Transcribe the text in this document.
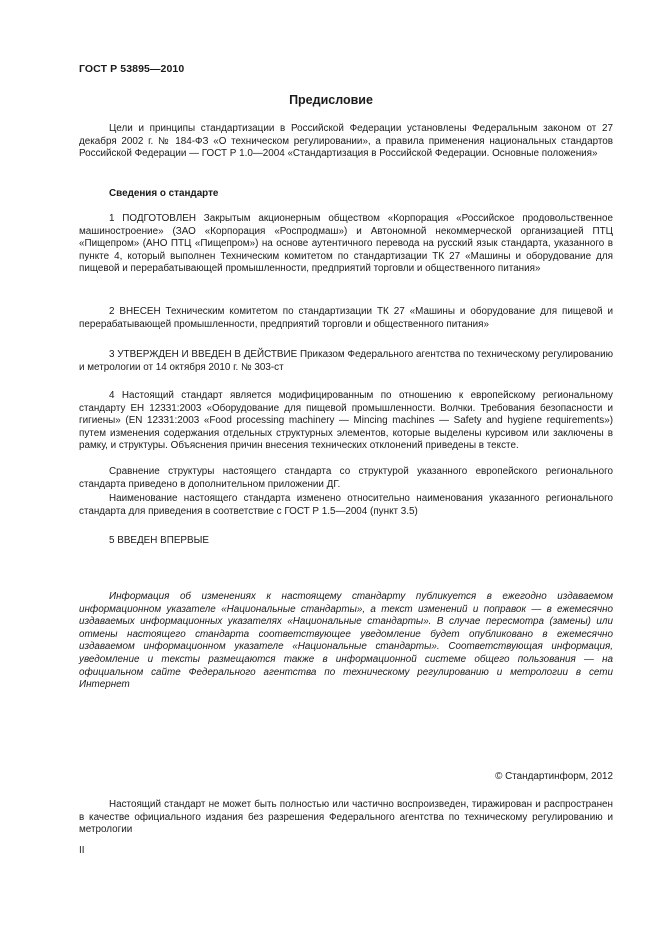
ГОСТ Р 53895—2010
Предисловие

Цели и принципы стандартизации в Российской Федерации установлены Федеральным законом от 27 декабря 2002 г. № 184-ФЗ «О техническом регулировании», а правила применения национальных стандартов Российской Федерации — ГОСТ Р 1.0—2004 «Стандартизация в Российской Федерации. Основные положения»

Сведения о стандарте

1 ПОДГОТОВЛЕН Закрытым акционерным обществом «Корпорация «Российское продовольственное машиностроение» (ЗАО «Корпорация «Роспродмаш») и Автономной некоммерческой организацией ПТЦ «Пищепром» (АНО ПТЦ «Пищепром») на основе аутентичного перевода на русский язык стандарта, указанного в пункте 4, который выполнен Техническим комитетом по стандартизации ТК 27 «Машины и оборудование для пищевой и перерабатывающей промышленности, предприятий торговли и общественного питания»

2 ВНЕСЕН Техническим комитетом по стандартизации ТК 27 «Машины и оборудование для пищевой и перерабатывающей промышленности, предприятий торговли и общественного питания»

3 УТВЕРЖДЕН И ВВЕДЕН В ДЕЙСТВИЕ Приказом Федерального агентства по техническому регулированию и метрологии от 14 октября 2010 г. № 303-ст

4 Настоящий стандарт является модифицированным по отношению к европейскому региональному стандарту ЕН 12331:2003 «Оборудование для пищевой промышленности. Волчки. Требования безопасности и гигиены» (EN 12331:2003 «Food processing machinery — Mincing machines — Safety and hygiene requirements») путем изменения содержания отдельных структурных элементов, которые выделены курсивом или заключены в рамку, и структуры. Объяснения причин внесения технических отклонений приведены в тексте.

Сравнение структуры настоящего стандарта со структурой указанного европейского регионального стандарта приведено в дополнительном приложении ДГ.

Наименование настоящего стандарта изменено относительно наименования указанного регионального стандарта для приведения в соответствие с ГОСТ Р 1.5—2004 (пункт 3.5)

5 ВВЕДЕН ВПЕРВЫЕ

Информация об изменениях к настоящему стандарту публикуется в ежегодно издаваемом информационном указателе «Национальные стандарты», а текст изменений и поправок — в ежемесячно издаваемых информационных указателях «Национальные стандарты». В случае пересмотра (замены) или отмены настоящего стандарта соответствующее уведомление будет опубликовано в ежемесячно издаваемом информационном указателе «Национальные стандарты». Соответствующая информация, уведомление и тексты размещаются также в информационной системе общего пользования — на официальном сайте Федерального агентства по техническому регулированию и метрологии в сети Интернет

© Стандартинформ, 2012

Настоящий стандарт не может быть полностью или частично воспроизведен, тиражирован и распространен в качестве официального издания без разрешения Федерального агентства по техническому регулированию и метрологии

II
